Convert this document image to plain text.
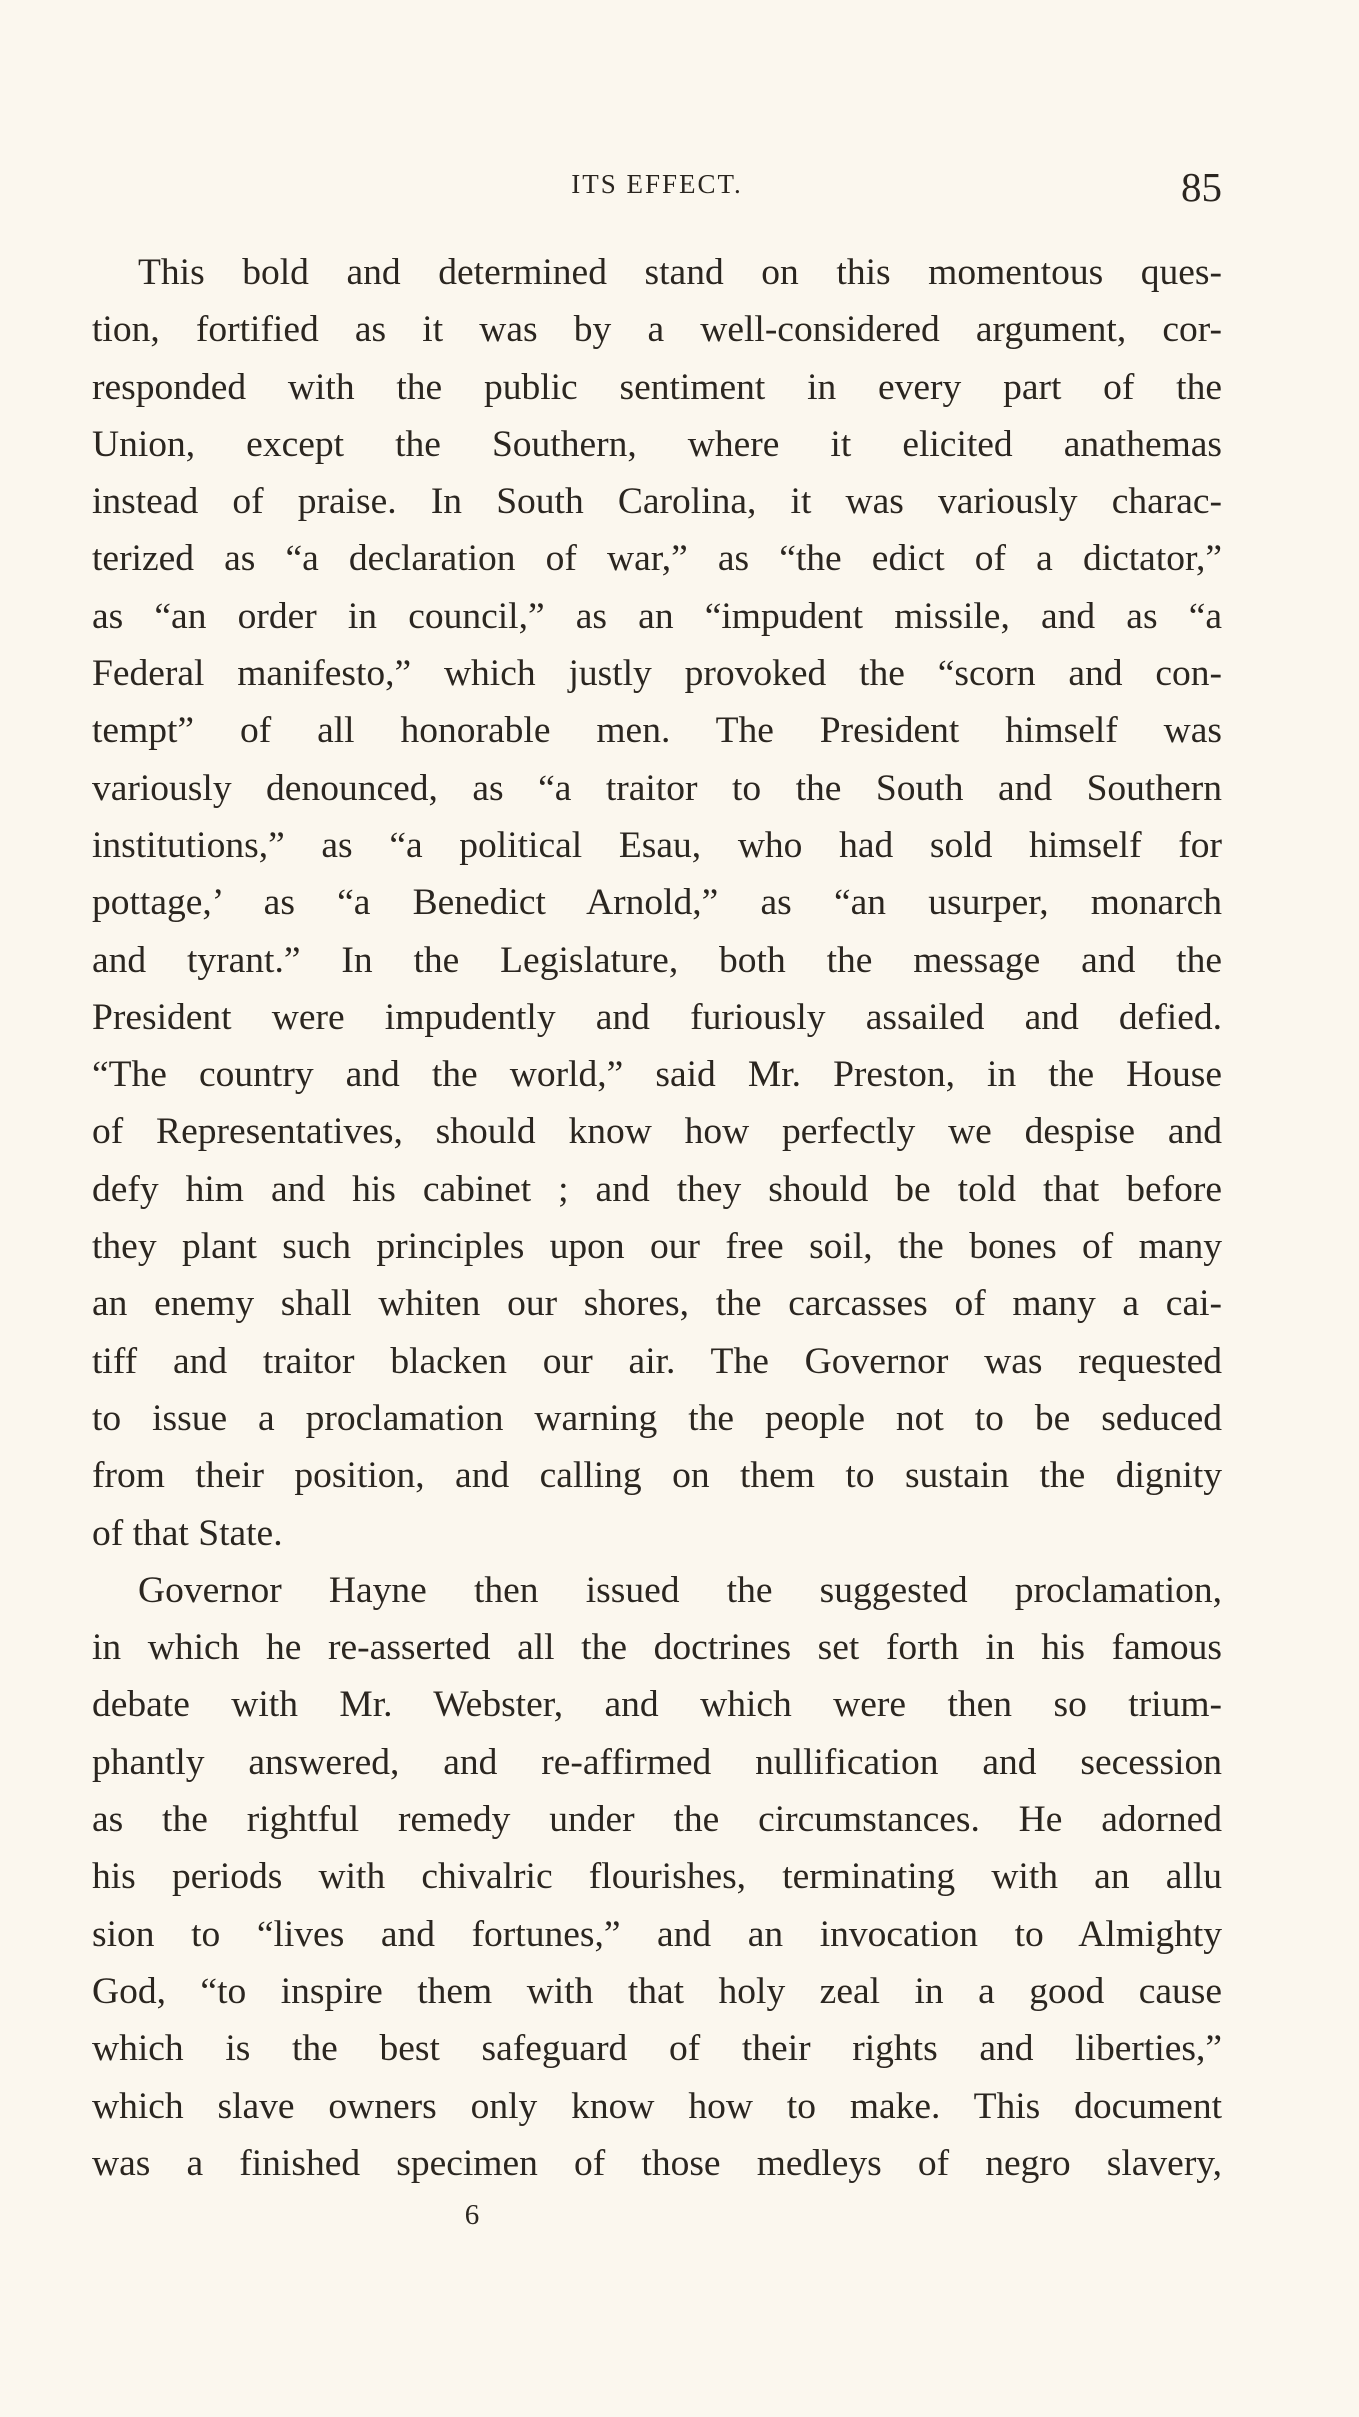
ITS EFFECT.	85
This bold and determined stand on this momentous ques-
tion, fortified as it was by a well-considered argument, cor-
responded with the public sentiment in every part of the
Union, except the Southern, where it elicited anathemas
instead of praise. In South Carolina, it was variously charac-
terized as “a declaration of war,” as “the edict of a dictator,”
as “an order in council,” as an “impudent missile, and as “a
Federal manifesto,” which justly provoked the “scorn and con-
tempt” of all honorable men. The President himself was
variously denounced, as “a traitor to the South and Southern
institutions,” as “a political Esau, who had sold himself for
pottage,’ as “a Benedict Arnold,” as “an usurper, monarch
and tyrant.” In the Legislature, both the message and the
President were impudently and furiously assailed and defied.
“The country and the world,” said Mr. Preston, in the House
of Representatives, should know how perfectly we despise and
defy him and his cabinet ; and they should be told that before
they plant such principles upon our free soil, the bones of many
an enemy shall whiten our shores, the carcasses of many a cai-
tiff and traitor blacken our air. The Governor was requested
to issue a proclamation warning the people not to be seduced
from their position, and calling on them to sustain the dignity
of that State.
Governor Hayne then issued the suggested proclamation,
in which he re-asserted all the doctrines set forth in his famous
debate with Mr. Webster, and which were then so trium-
phantly answered, and re-affirmed nullification and secession
as the rightful remedy under the circumstances. He adorned
his periods with chivalric flourishes, terminating with an allu
sion to “lives and fortunes,” and an invocation to Almighty
God, “to inspire them with that holy zeal in a good cause
which is the best safeguard of their rights and liberties,”
which slave owners only know how to make. This document
was a finished specimen of those medleys of negro slavery,
6
